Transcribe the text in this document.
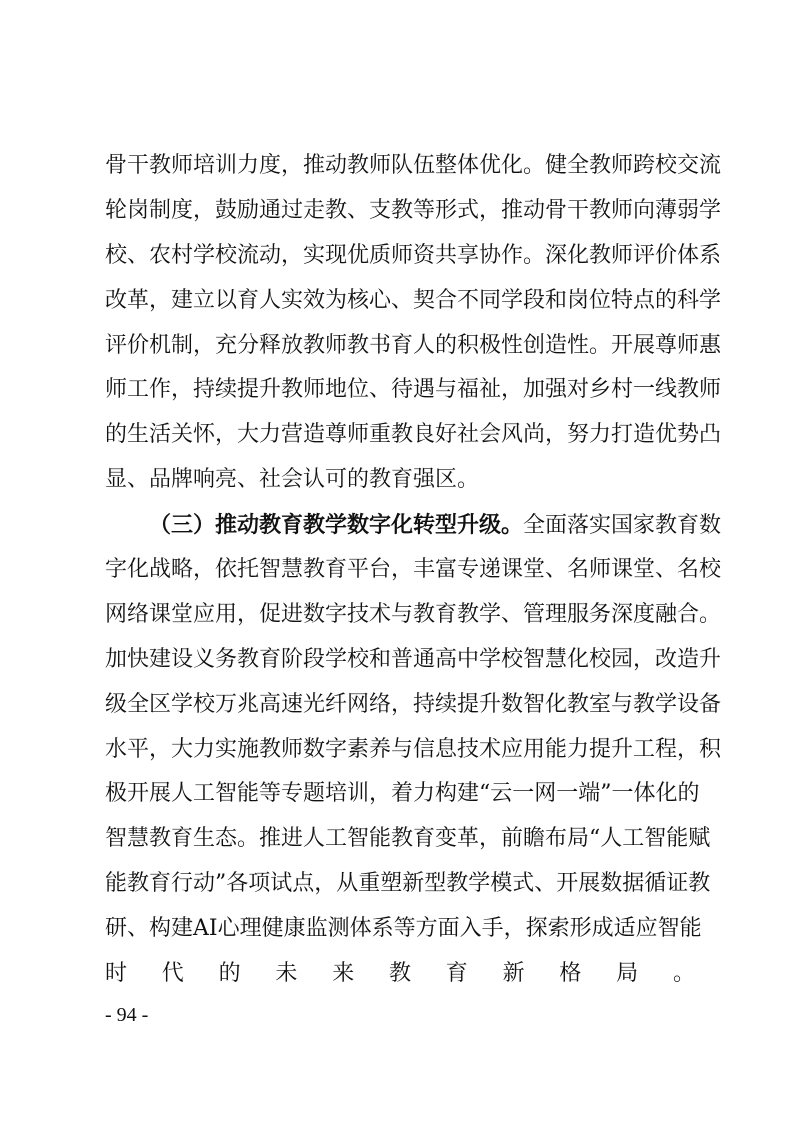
骨干教师培训力度，推动教师队伍整体优化。健全教师跨校交流
轮岗制度，鼓励通过走教、支教等形式，推动骨干教师向薄弱学
校、农村学校流动，实现优质师资共享协作。深化教师评价体系
改革，建立以育人实效为核心、契合不同学段和岗位特点的科学
评价机制，充分释放教师教书育人的积极性创造性。开展尊师惠
师工作，持续提升教师地位、待遇与福祉，加强对乡村一线教师
的生活关怀，大力营造尊师重教良好社会风尚，努力打造优势凸
显、品牌响亮、社会认可的教育强区。
（三）推动教育教学数字化转型升级。全面落实国家教育数
字化战略，依托智慧教育平台，丰富专递课堂、名师课堂、名校
网络课堂应用，促进数字技术与教育教学、管理服务深度融合。
加快建设义务教育阶段学校和普通高中学校智慧化校园，改造升
级全区学校万兆高速光纤网络，持续提升数智化教室与教学设备
水平，大力实施教师数字素养与信息技术应用能力提升工程，积
极开展人工智能等专题培训，着力构建“云一网一端”一体化的
智慧教育生态。推进人工智能教育变革，前瞻布局“人工智能赋
能教育行动”各项试点，从重塑新型教学模式、开展数据循证教
研、构建AI心理健康监测体系等方面入手，探索形成适应智能
时代的未来教育新格局。
- 94 -
